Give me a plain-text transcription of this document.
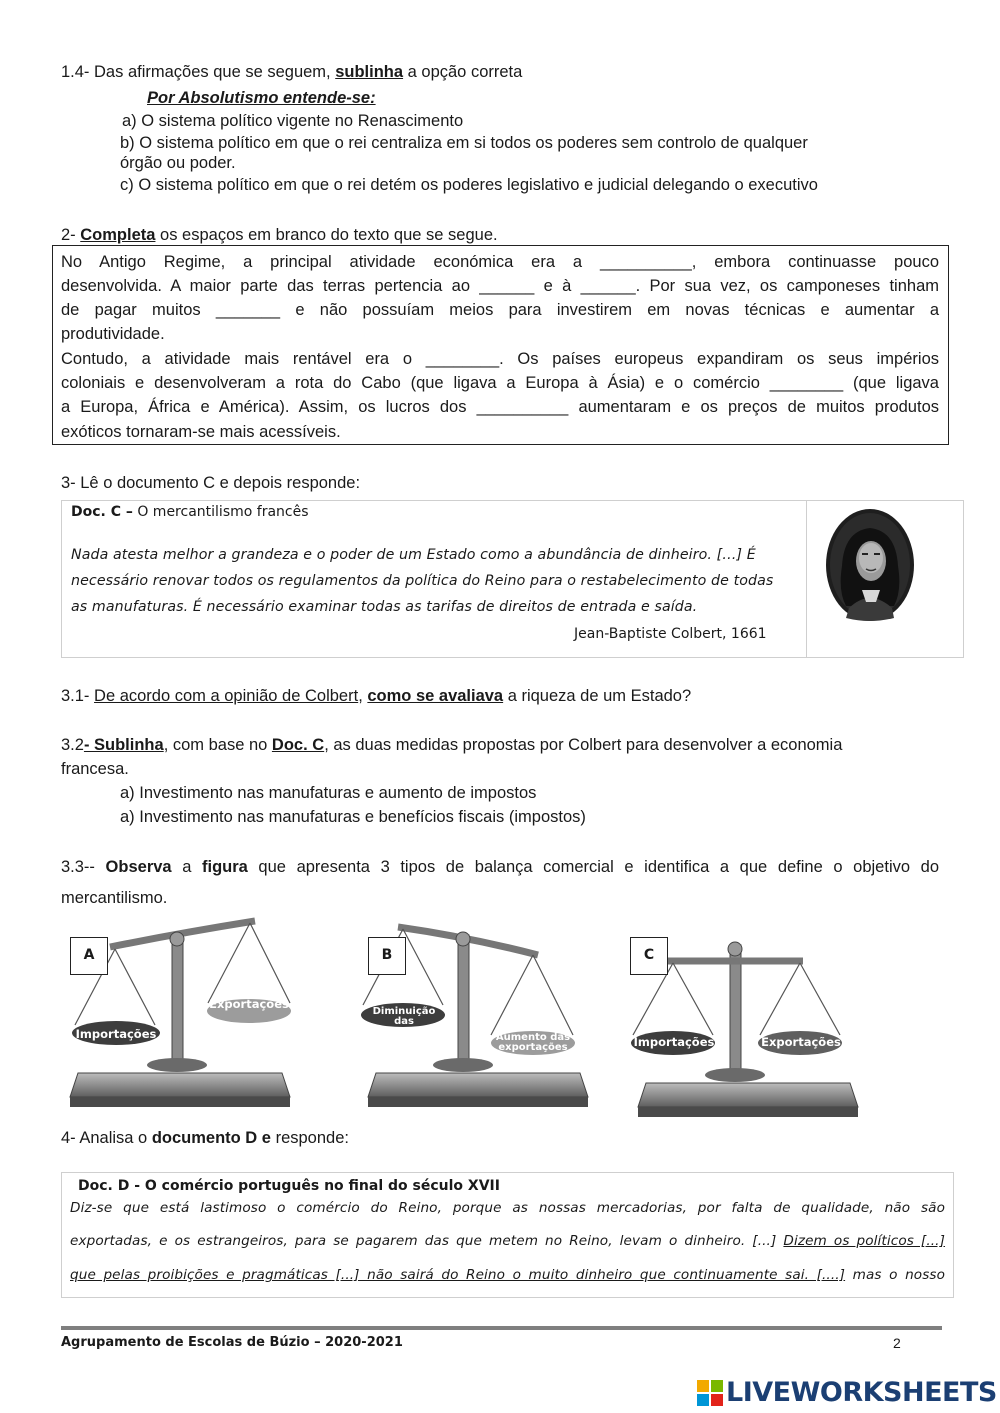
1.4- Das afirmações que se seguem, sublinha a opção correta
Por Absolutismo entende-se:
a) O sistema político vigente no Renascimento
b) O sistema político em que o rei centraliza em si todos os poderes sem controlo de qualquer
órgão ou poder.
c) O sistema político em que o rei detém os poderes legislativo e judicial delegando o executivo
2- Completa os espaços em branco do texto que se segue.
No Antigo Regime, a principal atividade económica era a __________, embora continuasse pouco
desenvolvida. A maior parte das terras pertencia ao ______ e à ______. Por sua vez, os camponeses tinham
de pagar muitos _______ e não possuíam meios para investirem em novas técnicas e aumentar a
produtividade.
Contudo, a atividade mais rentável era o ________. Os países europeus expandiram os seus impérios
coloniais e desenvolveram a rota do Cabo (que ligava a Europa à Ásia) e o comércio ________ (que ligava
a Europa, África e América). Assim, os lucros dos __________ aumentaram e os preços de muitos produtos
exóticos tornaram-se mais acessíveis.
3- Lê o documento C e depois responde:
Doc. C – O mercantilismo francês
Nada atesta melhor a grandeza e o poder de um Estado como a abundância de dinheiro. […] É
necessário renovar todos os regulamentos da política do Reino para o restabelecimento de todas
as manufaturas. É necessário examinar todas as tarifas de direitos de entrada e saída.
Jean-Baptiste Colbert, 1661
3.1- De acordo com a opinião de Colbert, como se avaliava a riqueza de um Estado?
3.2- Sublinha, com base no Doc. C, as duas medidas propostas por Colbert para desenvolver a economia
francesa.
a) Investimento nas manufaturas e aumento de impostos
a) Investimento nas manufaturas e benefícios fiscais (impostos)
3.3-- Observa a figura que apresenta 3 tipos de balança comercial e identifica a que define o objetivo do
mercantilismo.
A
Importações
Exportações
B
Diminuição das importações
Aumento das exportações
C
Importações	Exportações
4- Analisa o documento D e responde:
Doc. D - O comércio português no final do século XVII
Diz-se que está lastimoso o comércio do Reino, porque as nossas mercadorias, por falta de qualidade, não são
exportadas, e os estrangeiros, para se pagarem das que metem no Reino, levam o dinheiro. [...] Dizem os políticos [...]
que pelas proibições e pragmáticas [...] não sairá do Reino o muito dinheiro que continuamente sai. [....] mas o nosso
Agrupamento de Escolas de Búzio – 2020-2021	2
LIVEWORKSHEETS
